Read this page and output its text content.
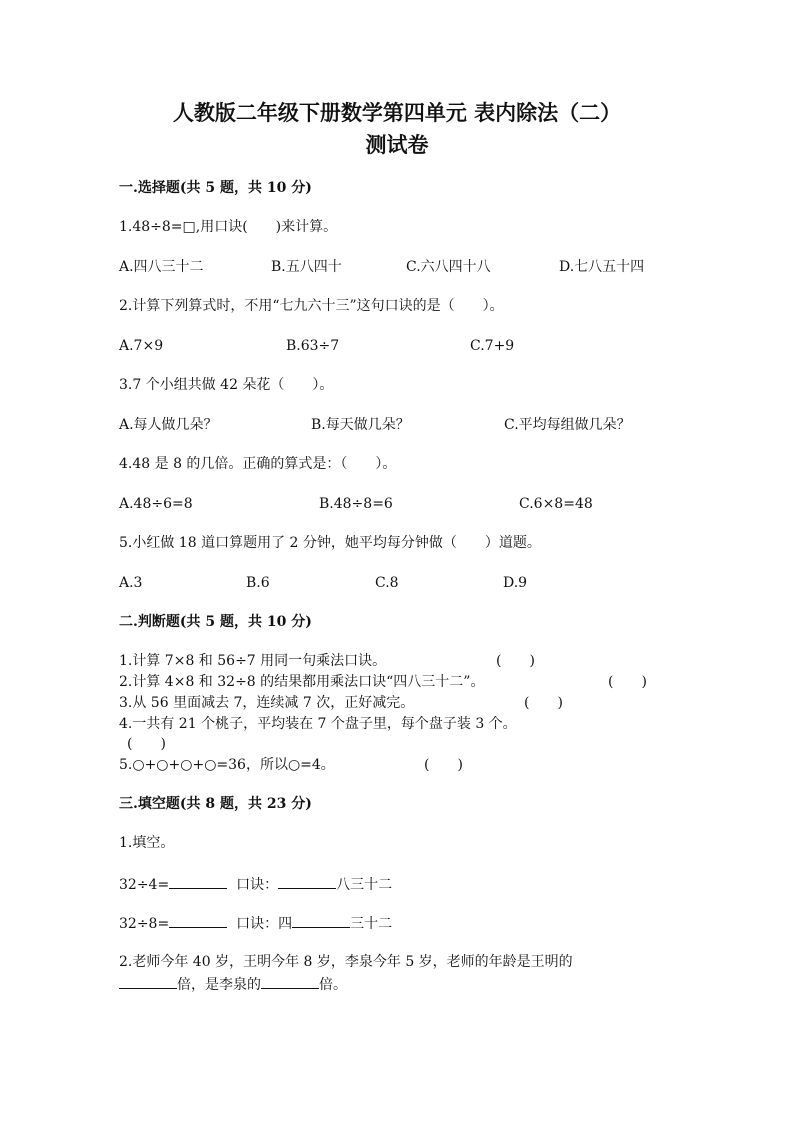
人教版二年级下册数学第四单元 表内除法（二）
测试卷
一.选择题(共 5 题，共 10 分)
1.48÷8=□,用口诀(　　)来计算。
A.四八三十二	B.五八四十	C.六八四十八	D.七八五十四
2.计算下列算式时，不用“七九六十三”这句口诀的是（　　）。
A.7×9	B.63÷7	C.7+9
3.7 个小组共做 42 朵花（　　）。
A.每人做几朵？	B.每天做几朵？	C.平均每组做几朵？
4.48 是 8 的几倍。正确的算式是：（　　）。
A.48÷6=8	B.48÷8=6	C.6×8=48
5.小红做 18 道口算题用了 2 分钟，她平均每分钟做（　　）道题。
A.3	B.6	C.8	D.9
二.判断题(共 5 题，共 10 分)
1.计算 7×8 和 56÷7 用同一句乘法口诀。	(　　)
2.计算 4×8 和 32÷8 的结果都用乘法口诀“四八三十二”。	(　　)
3.从 56 里面减去 7，连续减 7 次，正好减完。	(　　)
4.一共有 21 个桃子，平均装在 7 个盘子里，每个盘子装 3 个。
(　　)
5.○+○+○+○=36，所以○=4。	(　　)
三.填空题(共 8 题，共 23 分)
1.填空。
32÷4=	口诀：	八三十二
32÷8=	口诀：四	三十二
2.老师今年 40 岁，王明今年 8 岁，李泉今年 5 岁，老师的年龄是王明的
倍，是李泉的	倍。
